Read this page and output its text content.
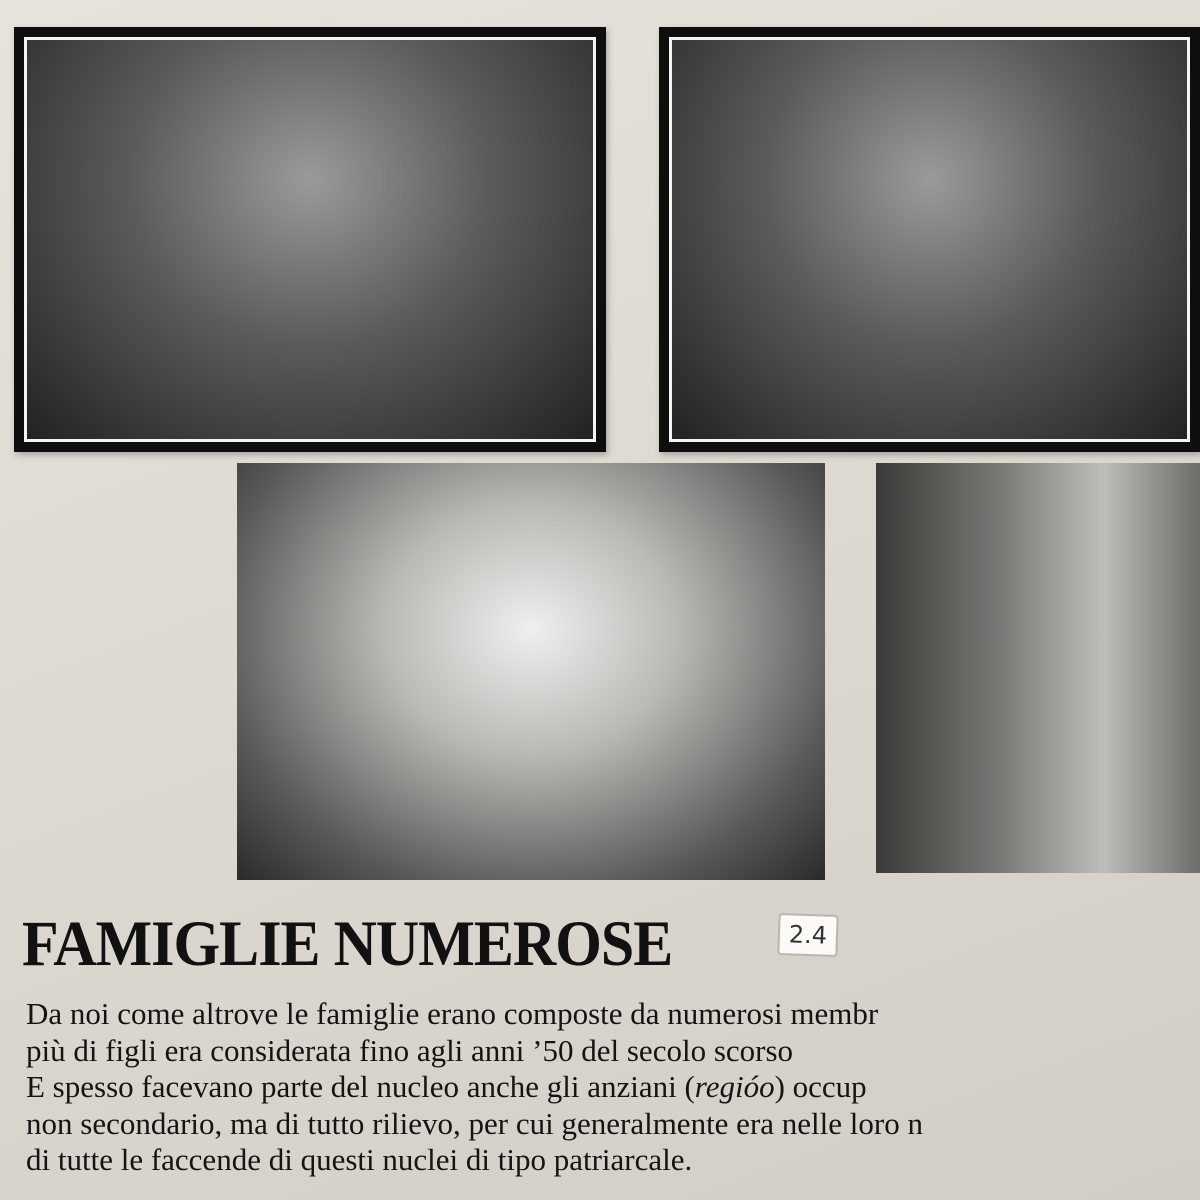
FAMIGLIE NUMEROSE	2.4
Da noi come altrove le famiglie erano composte da numerosi membr
più di figli era considerata fino agli anni ’50 del secolo scorso
E spesso facevano parte del nucleo anche gli anziani (regióo) occup
non secondario, ma di tutto rilievo, per cui generalmente era nelle loro n
di tutte le faccende di questi nuclei di tipo patriarcale.
